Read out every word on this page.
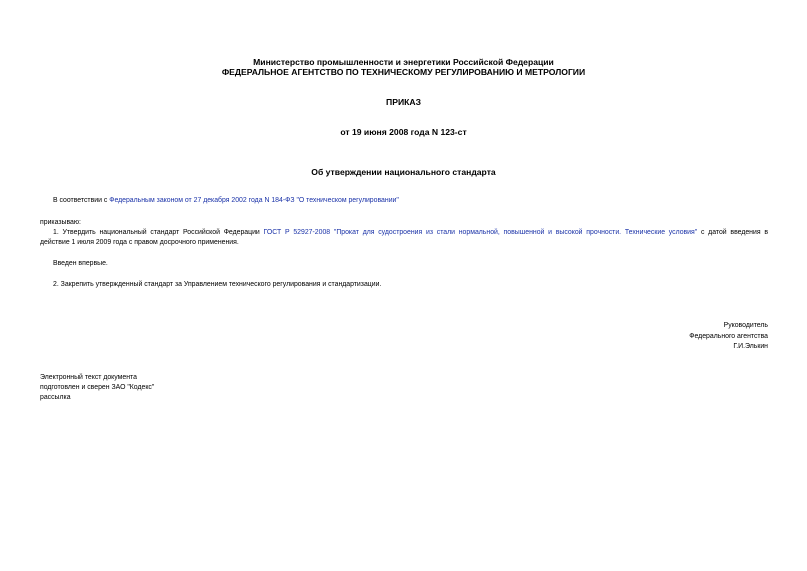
Министерство промышленности и энергетики Российской Федерации
ФЕДЕРАЛЬНОЕ АГЕНТСТВО ПО ТЕХНИЧЕСКОМУ РЕГУЛИРОВАНИЮ И МЕТРОЛОГИИ
ПРИКАЗ
от 19 июня 2008 года N 123-ст
Об утверждении национального стандарта
В соответствии с Федеральным законом от 27 декабря 2002 года N 184-ФЗ "О техническом регулировании"
приказываю:
1. Утвердить национальный стандарт Российской Федерации ГОСТ Р 52927-2008 "Прокат для судостроения из стали нормальной, повышенной и высокой прочности. Технические условия" с датой введения в
действие 1 июля 2009 года с правом досрочного применения.
Введен впервые.
2. Закрепить утвержденный стандарт за Управлением технического регулирования и стандартизации.
Руководитель
Федерального агентства
Г.И.Элькин
Электронный текст документа
подготовлен и сверен ЗАО "Кодекс"
рассылка
